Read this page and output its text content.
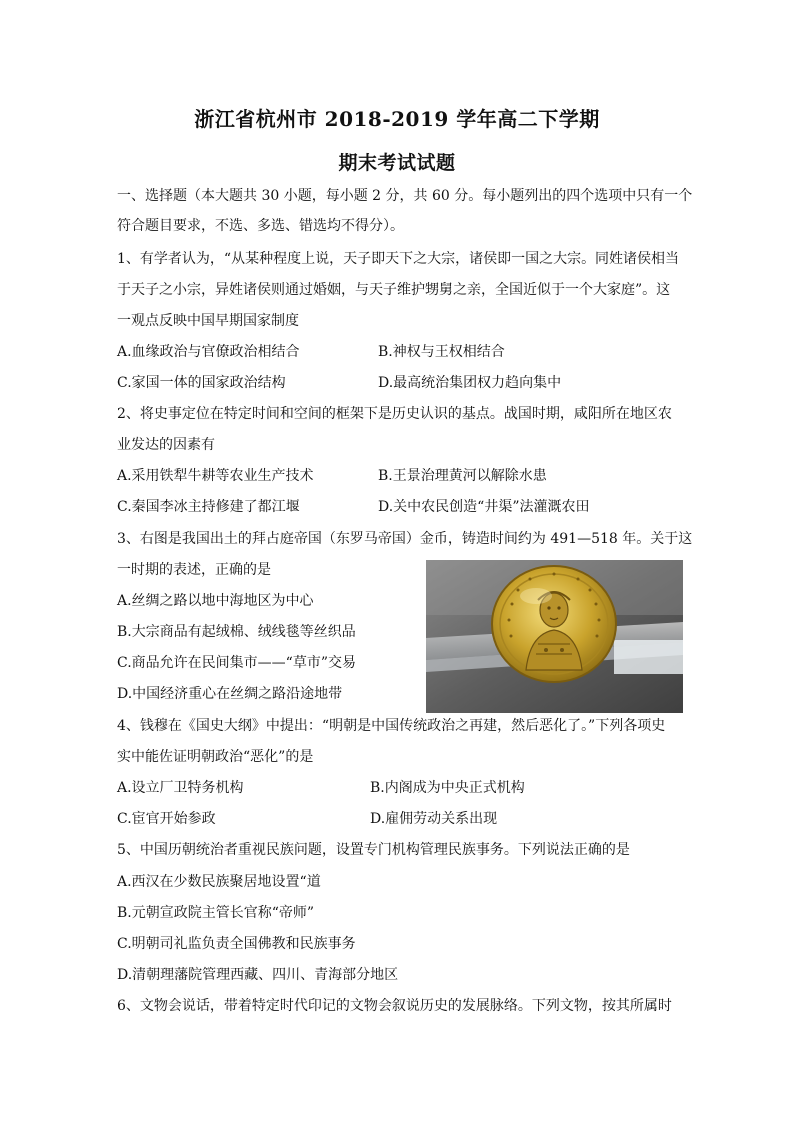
浙江省杭州市 2018-2019 学年高二下学期
期末考试试题
一、选择题（本大题共 30 小题，每小题 2 分，共 60 分。每小题列出的四个选项中只有一个
符合题目要求，不选、多选、错选均不得分）。
1、有学者认为，“从某种程度上说，天子即天下之大宗，诸侯即一国之大宗。同姓诸侯相当
于天子之小宗，异姓诸侯则通过婚姻，与天子维护甥舅之亲，全国近似于一个大家庭”。这
一观点反映中国早期国家制度
A.血缘政治与官僚政治相结合	B.神权与王权相结合
C.家国一体的国家政治结构	D.最高统治集团权力趋向集中
2、将史事定位在特定时间和空间的框架下是历史认识的基点。战国时期，咸阳所在地区农
业发达的因素有
A.采用铁犁牛耕等农业生产技术	B.王景治理黄河以解除水患
C.秦国李冰主持修建了都江堰	D.关中农民创造“井渠”法灌溉农田
3、右图是我国出土的拜占庭帝国（东罗马帝国）金币，铸造时间约为 491—518 年。关于这
一时期的表述，正确的是
A.丝绸之路以地中海地区为中心
B.大宗商品有起绒棉、绒线毯等丝织品
C.商品允许在民间集市——“草市”交易
D.中国经济重心在丝绸之路沿途地带
4、钱穆在《国史大纲》中提出：“明朝是中国传统政治之再建，然后恶化了。”下列各项史
实中能佐证明朝政治“恶化”的是
A.设立厂卫特务机构	B.内阁成为中央正式机构
C.宦官开始参政	D.雇佣劳动关系出现
5、中国历朝统治者重视民族问题，设置专门机构管理民族事务。下列说法正确的是
A.西汉在少数民族聚居地设置“道
B.元朝宣政院主管长官称“帝师”
C.明朝司礼监负责全国佛教和民族事务
D.清朝理藩院管理西藏、四川、青海部分地区
6、文物会说话，带着特定时代印记的文物会叙说历史的发展脉络。下列文物，按其所属时
